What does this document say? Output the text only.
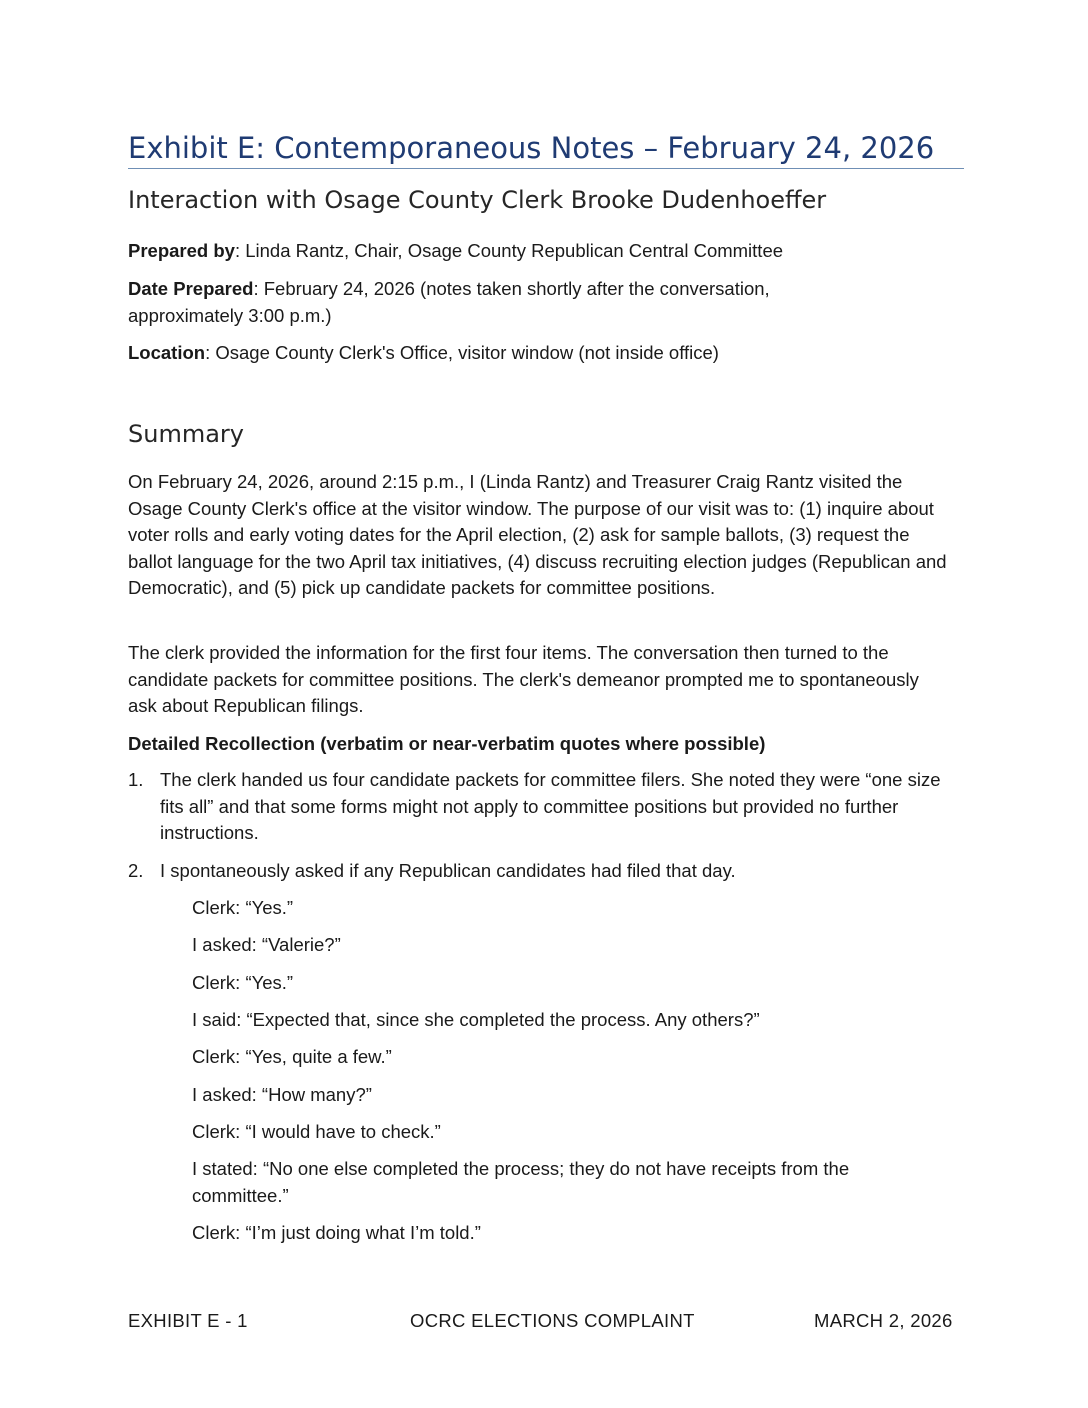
Exhibit E: Contemporaneous Notes – February 24, 2026
Interaction with Osage County Clerk Brooke Dudenhoeffer
Prepared by: Linda Rantz, Chair, Osage County Republican Central Committee
Date Prepared: February 24, 2026 (notes taken shortly after the conversation, approximately 3:00 p.m.)
Location: Osage County Clerk's Office, visitor window (not inside office)
Summary
On February 24, 2026, around 2:15 p.m., I (Linda Rantz) and Treasurer Craig Rantz visited the Osage County Clerk's office at the visitor window. The purpose of our visit was to: (1) inquire about voter rolls and early voting dates for the April election, (2) ask for sample ballots, (3) request the ballot language for the two April tax initiatives, (4) discuss recruiting election judges (Republican and Democratic), and (5) pick up candidate packets for committee positions.
The clerk provided the information for the first four items. The conversation then turned to the candidate packets for committee positions. The clerk's demeanor prompted me to spontaneously ask about Republican filings.
Detailed Recollection (verbatim or near-verbatim quotes where possible)
1. The clerk handed us four candidate packets for committee filers. She noted they were “one size fits all” and that some forms might not apply to committee positions but provided no further instructions.
2. I spontaneously asked if any Republican candidates had filed that day.
Clerk: “Yes.”
I asked: “Valerie?”
Clerk: “Yes.”
I said: “Expected that, since she completed the process. Any others?”
Clerk: “Yes, quite a few.”
I asked: “How many?”
Clerk: “I would have to check.”
I stated: “No one else completed the process; they do not have receipts from the committee.”
Clerk: “I’m just doing what I’m told.”
EXHIBIT E - 1	OCRC ELECTIONS COMPLAINT	MARCH 2, 2026
